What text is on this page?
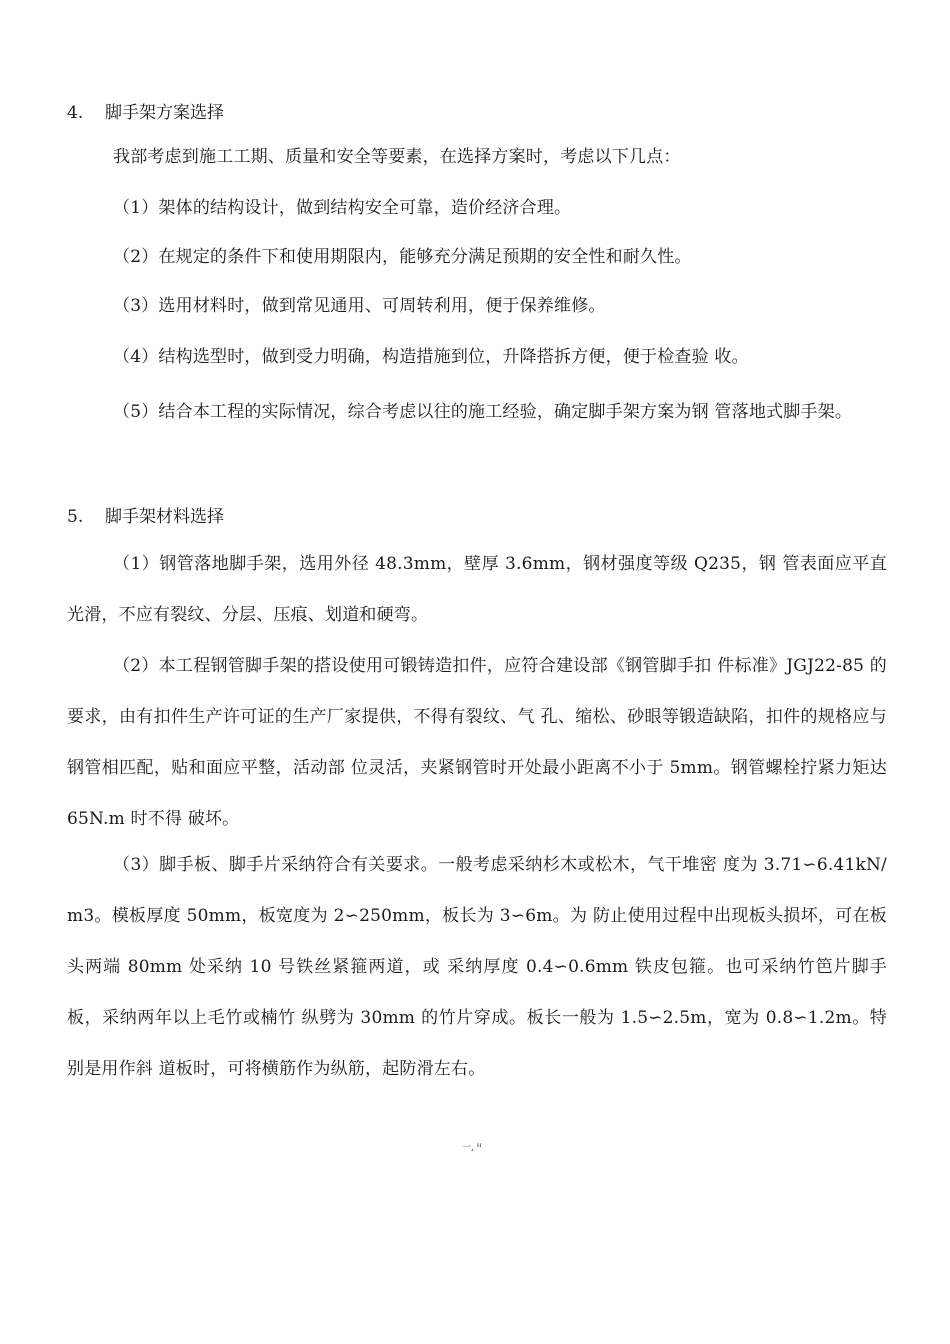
4. 脚手架方案选择
我部考虑到施工工期、质量和安全等要素，在选择方案时，考虑以下几点：
（1）架体的结构设计，做到结构安全可靠，造价经济合理。
（2）在规定的条件下和使用期限内，能够充分满足预期的安全性和耐久性。
（3）选用材料时，做到常见通用、可周转利用，便于保养维修。
（4）结构选型时，做到受力明确，构造措施到位，升降搭拆方便，便于检查验 收。
（5）结合本工程的实际情况，综合考虑以往的施工经验，确定脚手架方案为钢 管落地式脚手架。
5. 脚手架材料选择
（1）钢管落地脚手架，选用外径 48.3mm，壁厚 3.6mm，钢材强度等级 Q235，钢 管表面应平直光滑，不应有裂纹、分层、压痕、划道和硬弯。
（2）本工程钢管脚手架的搭设使用可锻铸造扣件，应符合建设部《钢管脚手扣 件标准》JGJ22-85 的要求，由有扣件生产许可证的生产厂家提供，不得有裂纹、气 孔、缩松、砂眼等锻造缺陷，扣件的规格应与钢管相匹配，贴和面应平整，活动部 位灵活，夹紧钢管时开处最小距离不小于 5mm。钢管螺栓拧紧力矩达 65N.m 时不得 破坏。
（3）脚手板、脚手片采纳符合有关要求。一般考虑采纳杉木或松木，气干堆密 度为 3.71∽6.41kN/m3。模板厚度 50mm，板宽度为 2∽250mm，板长为 3∽6m。为 防止使用过程中出现板头损坏，可在板头两端 80mm 处采纳 10 号铁丝紧箍两道，或 采纳厚度 0.4∽0.6mm 铁皮包箍。也可采纳竹笆片脚手板，采纳两年以上毛竹或楠竹 纵劈为 30mm 的竹片穿成。板长一般为 1.5∽2.5m，宽为 0.8∽1.2m。特别是用作斜 道板时，可将横筋作为纵筋，起防滑左右。
一, ᴴ
